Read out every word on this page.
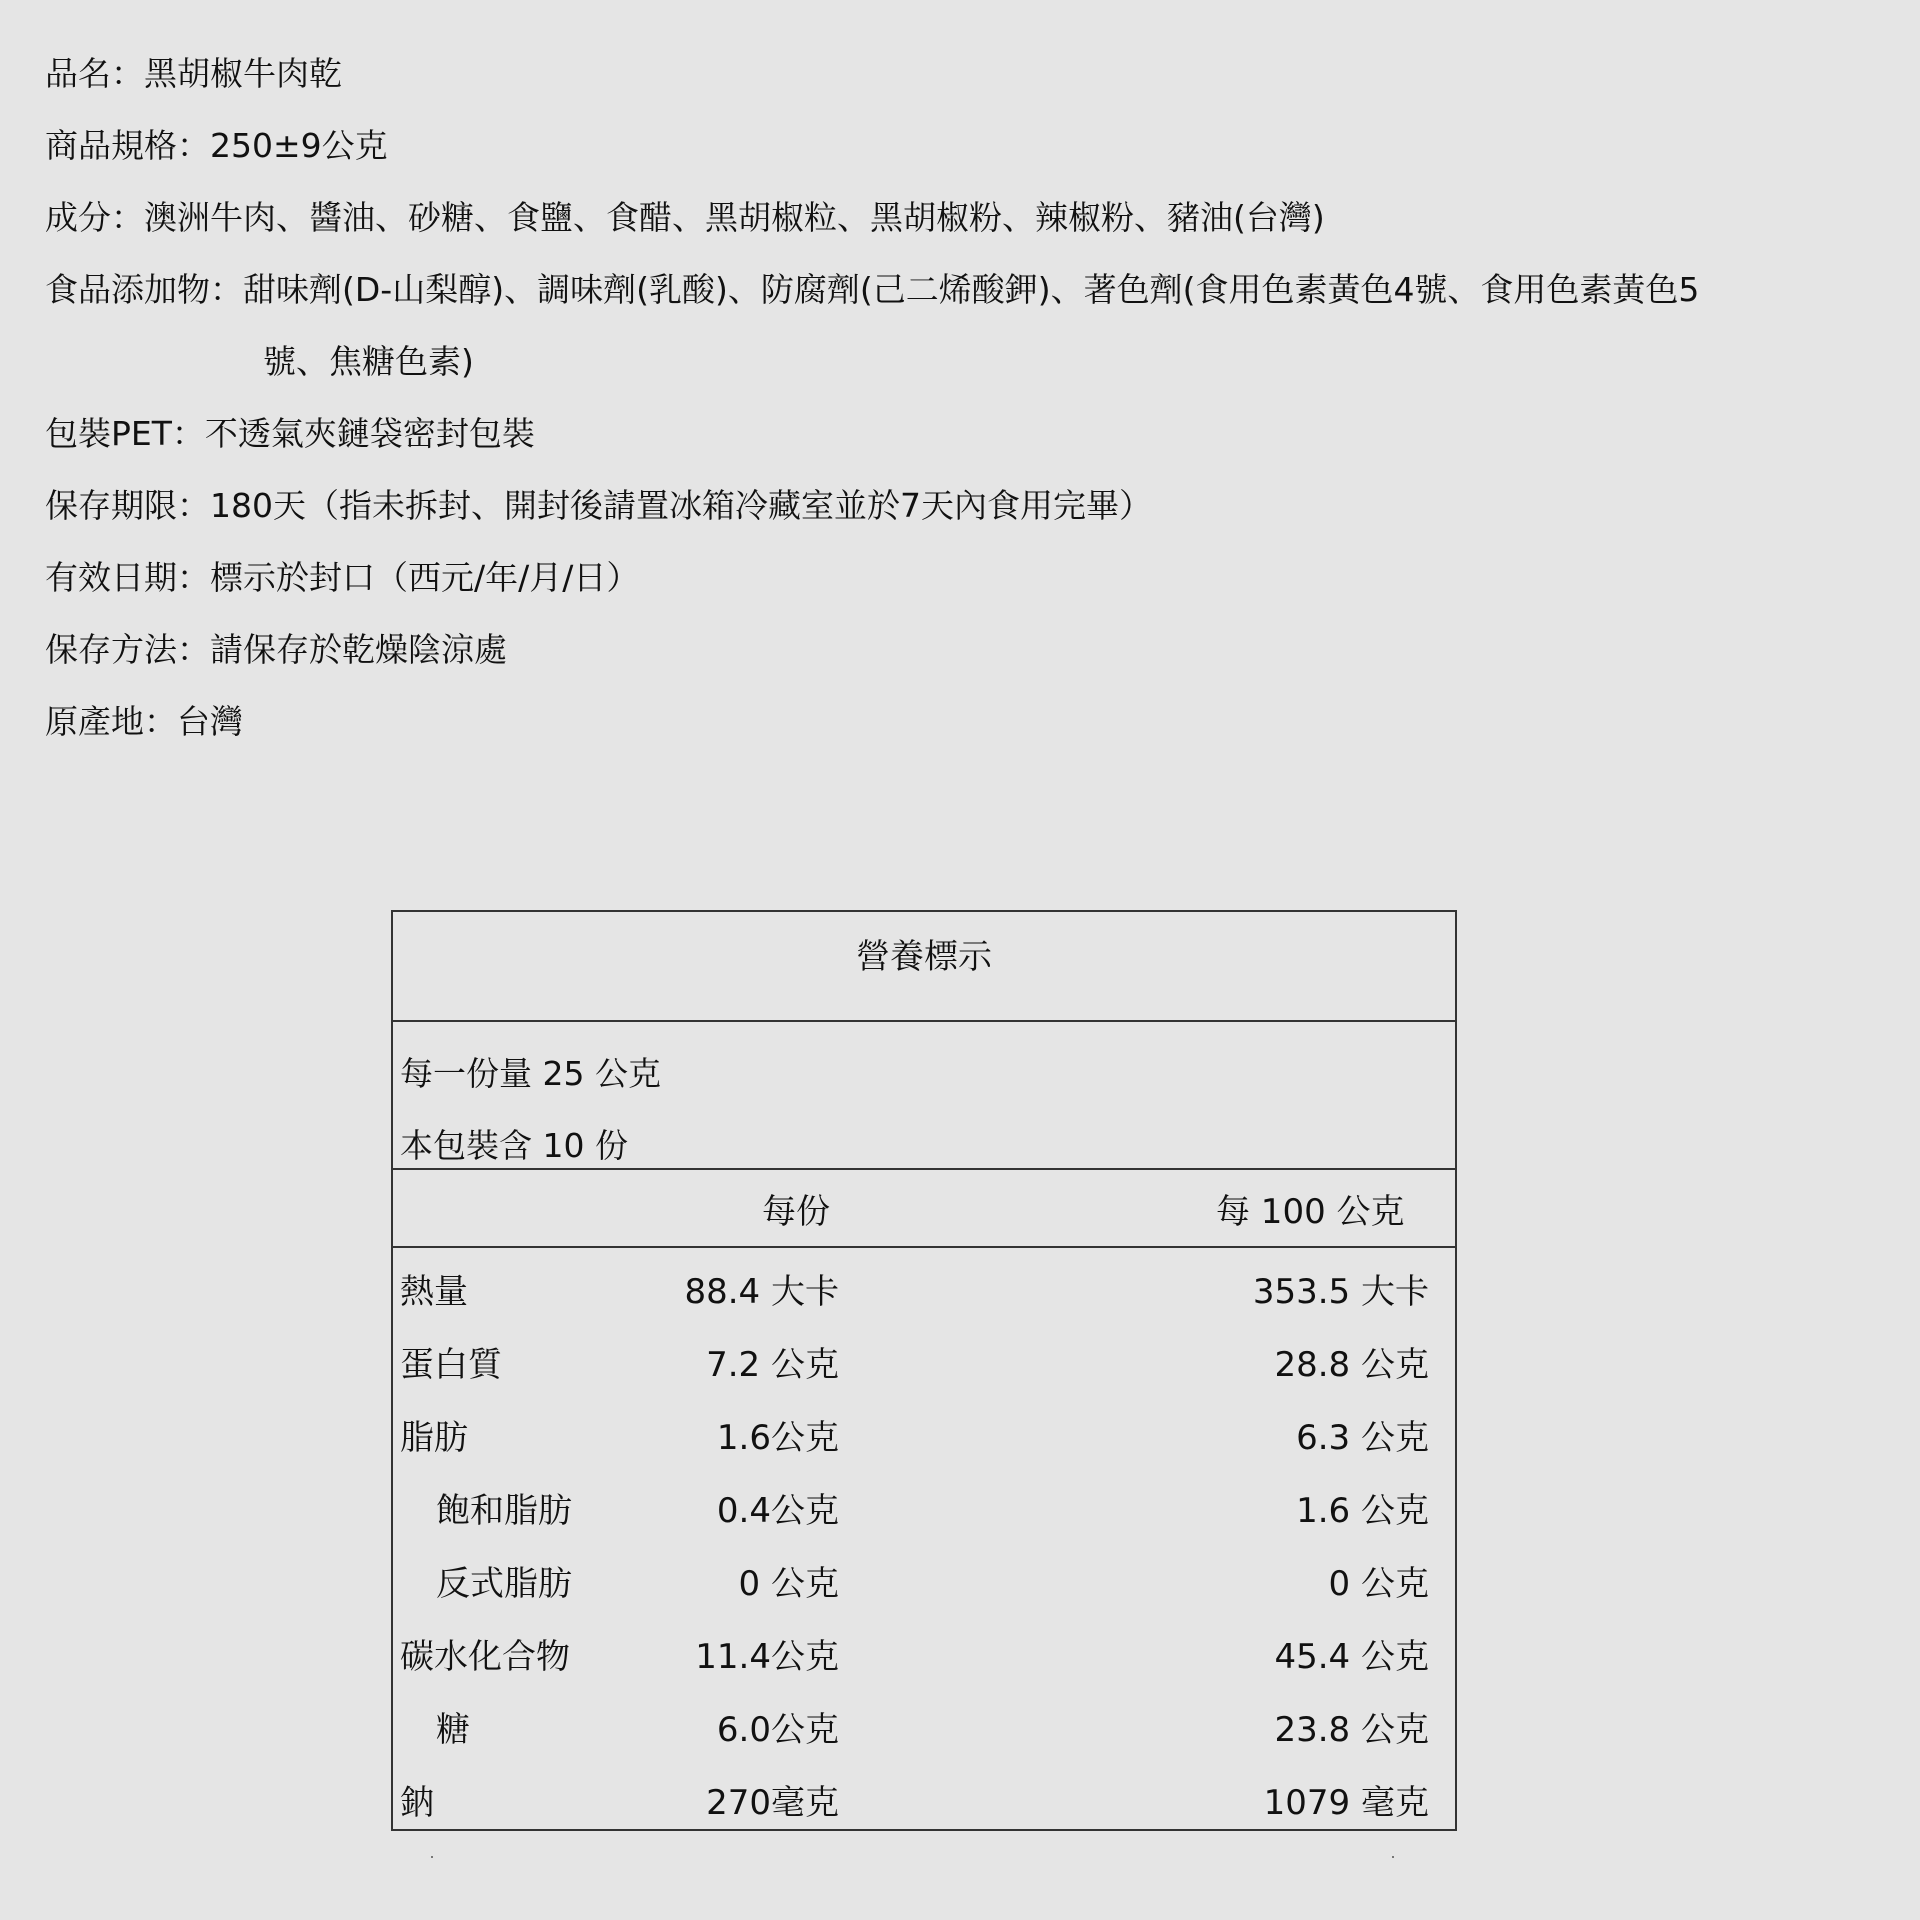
品名：黑胡椒牛肉乾
商品規格：250±9公克
成分：澳洲牛肉、醬油、砂糖、食鹽、食醋、黑胡椒粒、黑胡椒粉、辣椒粉、豬油(台灣)
食品添加物：甜味劑(D-山梨醇)、調味劑(乳酸)、防腐劑(己二烯酸鉀)、著色劑(食用色素黃色4號、食用色素黃色5
號、焦糖色素)
包裝PET：不透氣夾鏈袋密封包裝
保存期限：180天（指未拆封、開封後請置冰箱冷藏室並於7天內食用完畢）
有效日期：標示於封口（西元/年/月/日）
保存方法：請保存於乾燥陰涼處
原產地：台灣
營養標示
每一份量 25 公克
本包裝含 10 份
每份	每 100 公克
熱量	88.4 大卡	353.5 大卡
蛋白質	7.2 公克	28.8 公克
脂肪	1.6公克	6.3 公克
飽和脂肪	0.4公克	1.6 公克
反式脂肪	0 公克	0 公克
碳水化合物	11.4公克	45.4 公克
糖	6.0公克	23.8 公克
鈉	270毫克	1079 毫克
